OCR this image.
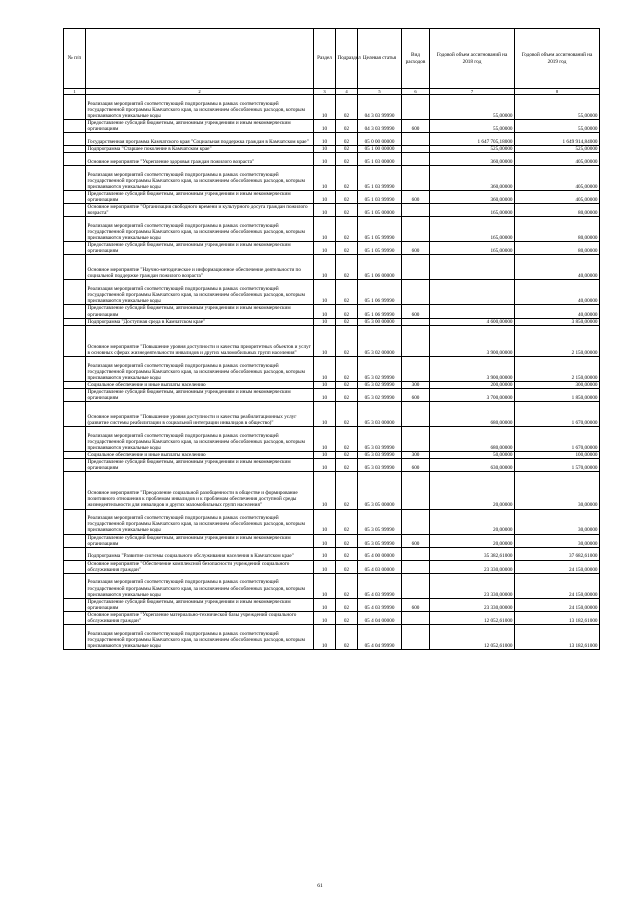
№ п/п		Раздел	Подраздел	Целевая статья	Вид расходов	Годовой объем ассигнований на 2018 год	Годовой объем ассигнований на 2019 год
1	2	3	4	5	6	7	8
	Реализация мероприятий соответствующей подпрограммы в рамках соответствующей государственной программы Камчатского края, за исключением обособленных расходов, которым присваиваются уникальные коды	10	02	04 3 03 99990		55,00000	55,00000
	Предоставление субсидий бюджетным, автономным учреждениям и иным некоммерческим организациям	10	02	04 3 03 99990	600	55,00000	55,00000
	Государственная программа Камчатского края "Социальная поддержка граждан в Камчатском крае"	10	02	05 0 00 00000		1 647 705,18000	1 649 914,84000
	Подпрограмма "Старшее поколение в Камчатском крае"	10	02	05 1 00 00000		525,00000	525,00000
	Основное мероприятие "Укрепление здоровья граждан пожилого возраста"	10	02	05 1 03 00000		360,00000	405,00000
	Реализация мероприятий соответствующей подпрограммы в рамках соответствующей государственной программы Камчатского края, за исключением обособленных расходов, которым присваиваются уникальные коды	10	02	05 1 03 99990		360,00000	405,00000
	Предоставление субсидий бюджетным, автономным учреждениям и иным некоммерческим организациям	10	02	05 1 03 99990	600	360,00000	405,00000
	Основное мероприятие "Организация свободного времени и культурного досуга граждан пожилого возраста"	10	02	05 1 05 00000		165,00000	80,00000
	Реализация мероприятий соответствующей подпрограммы в рамках соответствующей государственной программы Камчатского края, за исключением обособленных расходов, которым присваиваются уникальные коды	10	02	05 1 05 99990		165,00000	80,00000
	Предоставление субсидий бюджетным, автономным учреждениям и иным некоммерческим организациям	10	02	05 1 05 99990	600	165,00000	80,00000
	Основное мероприятие "Научно-методическое и информационное обеспечение деятельности по социальной поддержке граждан пожилого возраста"	10	02	05 1 06 00000			40,00000
	Реализация мероприятий соответствующей подпрограммы в рамках соответствующей государственной программы Камчатского края, за исключением обособленных расходов, которым присваиваются уникальные коды	10	02	05 1 06 99990			40,00000
	Предоставление субсидий бюджетным, автономным учреждениям и иным некоммерческим организациям	10	02	05 1 06 99990	600		40,00000
	Подпрограмма "Доступная среда в Камчатском крае"	10	02	05 3 00 00000		4 600,00000	3 850,00000
	Основное мероприятие "Повышение уровня доступности и качества приоритетных объектов и услуг в основных сферах жизнедеятельности инвалидов и других маломобильных групп населения"	10	02	05 3 02 00000		3 900,00000	2 150,00000
	Реализация мероприятий соответствующей подпрограммы в рамках соответствующей государственной программы Камчатского края, за исключением обособленных расходов, которым присваиваются уникальные коды	10	02	05 3 02 99990		3 900,00000	2 150,00000
	Социальное обеспечение и иные выплаты населению	10	02	05 3 02 99990	300	200,00000	300,00000
	Предоставление субсидий бюджетным, автономным учреждениям и иным некоммерческим организациям	10	02	05 3 02 99990	600	3 700,00000	1 850,00000
	Основное мероприятие "Повышение уровня доступности и качества реабилитационных услуг (развитие системы реабилитации в социальной интеграции инвалидов в общество)"	10	02	05 3 03 00000		680,00000	1 670,00000
	Реализация мероприятий соответствующей подпрограммы в рамках соответствующей государственной программы Камчатского края, за исключением обособленных расходов, которым присваиваются уникальные коды	10	02	05 3 03 99990		680,00000	1 670,00000
	Социальное обеспечение и иные выплаты населению	10	02	05 3 03 99990	300	50,00000	100,00000
	Предоставление субсидий бюджетным, автономным учреждениям и иным некоммерческим организациям	10	02	05 3 03 99990	600	630,00000	1 570,00000
	Основное мероприятие "Преодоление социальной разобщенности в обществе и формирование позитивного отношения к проблемам инвалидов и к проблемам обеспечения доступной среды жизнедеятельности для инвалидов и других маломобильных групп населения"	10	02	05 3 05 00000		20,00000	30,00000
	Реализация мероприятий соответствующей подпрограммы в рамках соответствующей государственной программы Камчатского края, за исключением обособленных расходов, которым присваиваются уникальные коды	10	02	05 3 05 99990		20,00000	30,00000
	Предоставление субсидий бюджетным, автономным учреждениям и иным некоммерческим организациям	10	02	05 3 05 99990	600	20,00000	30,00000
	Подпрограмма "Развитие системы социального обслуживания населения в Камчатском крае"	10	02	05 4 00 00000		35 382,61000	37 682,61000
	Основное мероприятие "Обеспечение комплексной безопасности учреждений социального обслуживания граждан"	10	02	05 4 03 00000		23 330,00000	24 150,00000
	Реализация мероприятий соответствующей подпрограммы в рамках соответствующей государственной программы Камчатского края, за исключением обособленных расходов, которым присваиваются уникальные коды	10	02	05 4 03 99990		23 330,00000	24 150,00000
	Предоставление субсидий бюджетным, автономным учреждениям и иным некоммерческим организациям	10	02	05 4 03 99990	600	23 330,00000	24 150,00000
	Основное мероприятие "Укрепление материально-технической базы учреждений социального обслуживания граждан"	10	02	05 4 04 00000		12 052,61000	13 182,61000
	Реализация мероприятий соответствующей подпрограммы в рамках соответствующей государственной программы Камчатского края, за исключением обособленных расходов, которым присваиваются уникальные коды	10	02	05 4 04 99990		12 052,61000	13 182,61000
61
